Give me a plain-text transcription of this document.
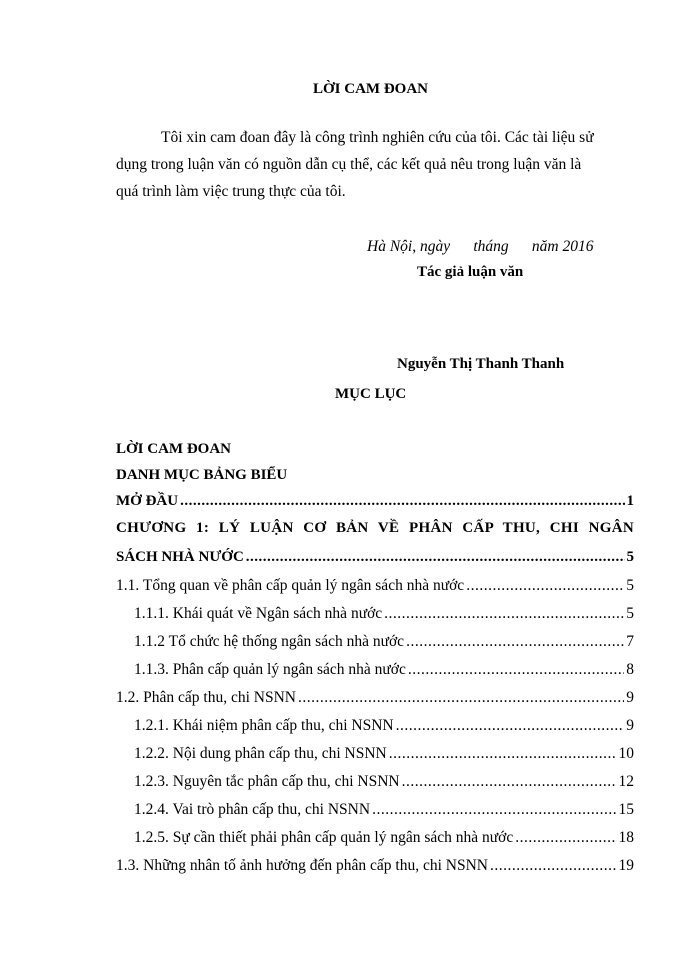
LỜI CAM ĐOAN

Tôi xin cam đoan đây là công trình nghiên cứu của tôi. Các tài liệu sử

dụng trong luận văn có nguồn dẫn cụ thể, các kết quả nêu trong luận văn là

quá trình làm việc trung thực của tôi.

Hà Nội, ngày      tháng      năm 2016
Tác giả luận văn
Nguyễn Thị Thanh Thanh
MỤC LỤC
LỜI CAM ĐOAN
DANH MỤC BẢNG BIỂU
MỞ ĐẦU .....	1
CHƯƠNG 1: LÝ LUẬN CƠ BẢN VỀ PHÂN CẤP THU, CHI NGÂN
SÁCH NHÀ NƯỚC .....	5
1.1. Tổng quan về phân cấp quản lý ngân sách nhà nước .....	5
1.1.1. Khái quát về Ngân sách nhà nước .....	5
1.1.2 Tổ chức hệ thống ngân sách nhà nước .....	7
1.1.3. Phân cấp quản lý ngân sách nhà nước .....	8
1.2. Phân cấp thu, chi NSNN .....	9
1.2.1. Khái niệm phân cấp thu, chi NSNN .....	9
1.2.2. Nội dung phân cấp thu, chi NSNN .....	10
1.2.3. Nguyên tắc phân cấp thu, chi NSNN .....	12
1.2.4. Vai trò phân cấp thu, chi NSNN .....	15
1.2.5. Sự cần thiết phải phân cấp quản lý ngân sách nhà nước .....	18
1.3. Những nhân tố ảnh hưởng đến phân cấp thu, chi NSNN .....	19
